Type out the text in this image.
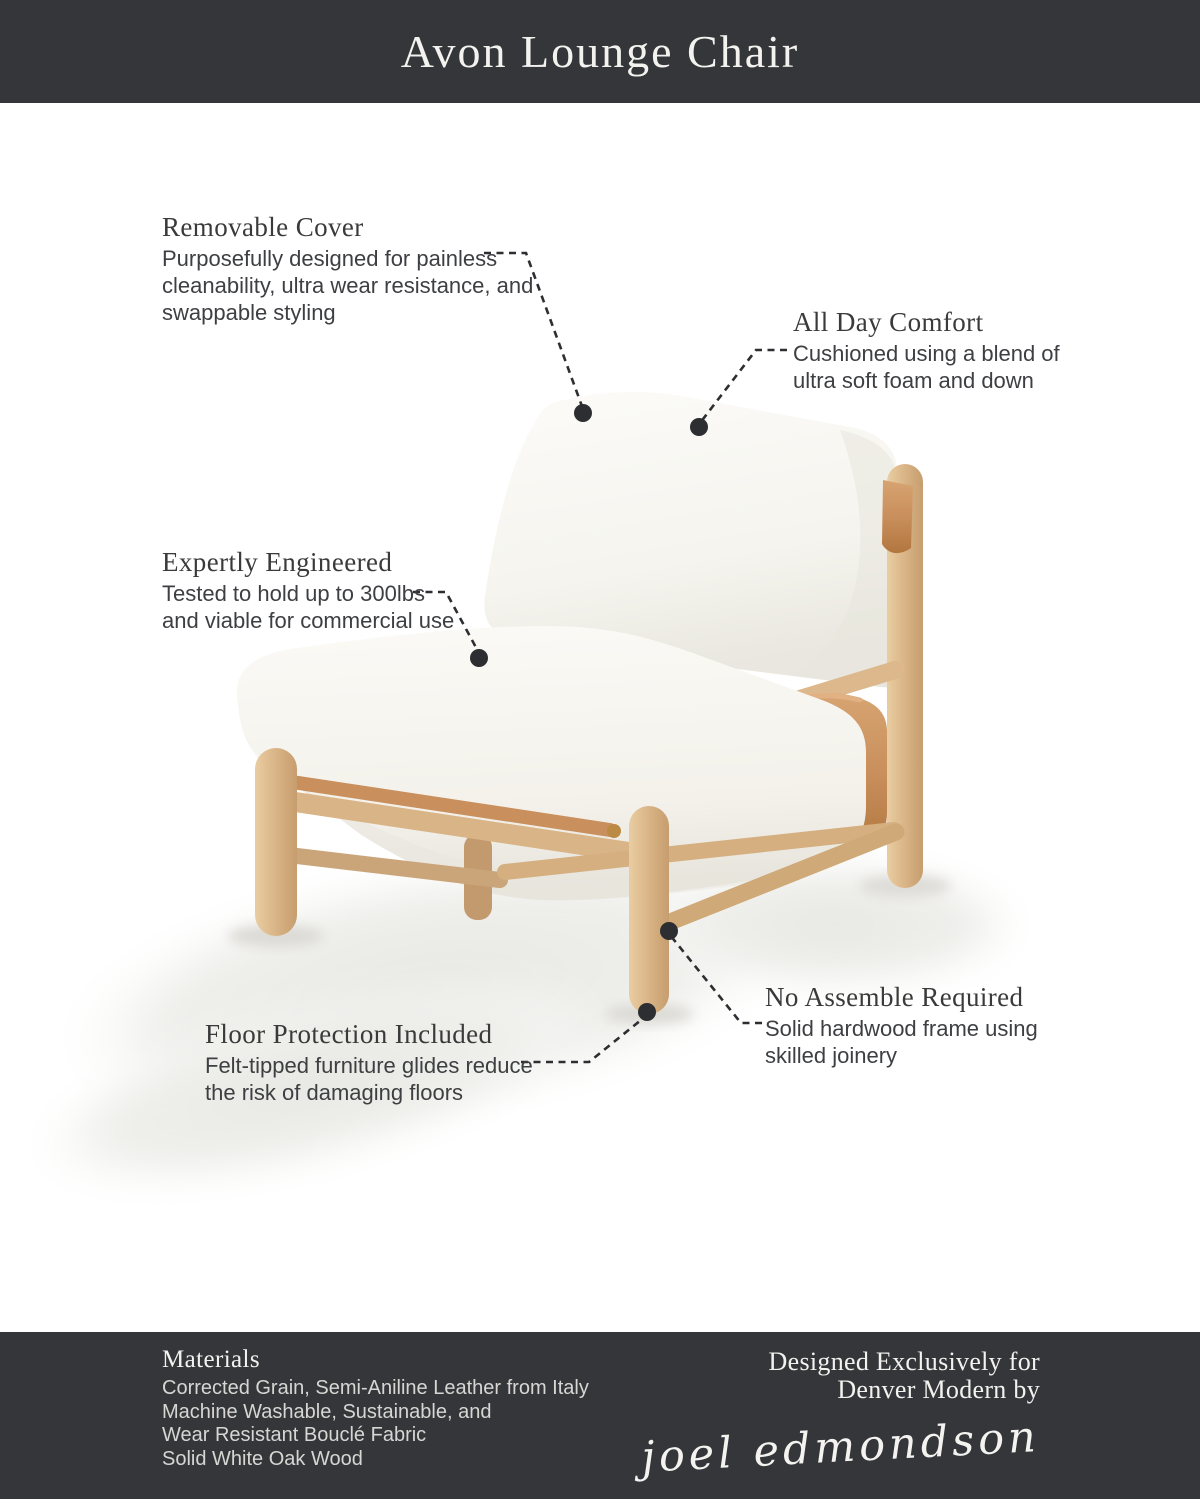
Avon Lounge Chair
Removable Cover

Purposefully designed for painless
cleanability, ultra wear resistance, and
swappable styling	All Day Comfort

Cushioned using a blend of
ultra soft foam and down

Expertly Engineered

Tested to hold up to 300lbs
and viable for commercial use

No Assemble Required

Solid hardwood frame using
skilled joinery

Floor Protection Included

Felt-tipped furniture glides reduce
the risk of damaging floors

Materials
Corrected Grain, Semi-Aniline Leather from Italy
Machine Washable, Sustainable, and
Wear Resistant Bouclé Fabric
Solid White Oak Wood
Designed Exclusively for
Denver Modern by
joel edmondson
